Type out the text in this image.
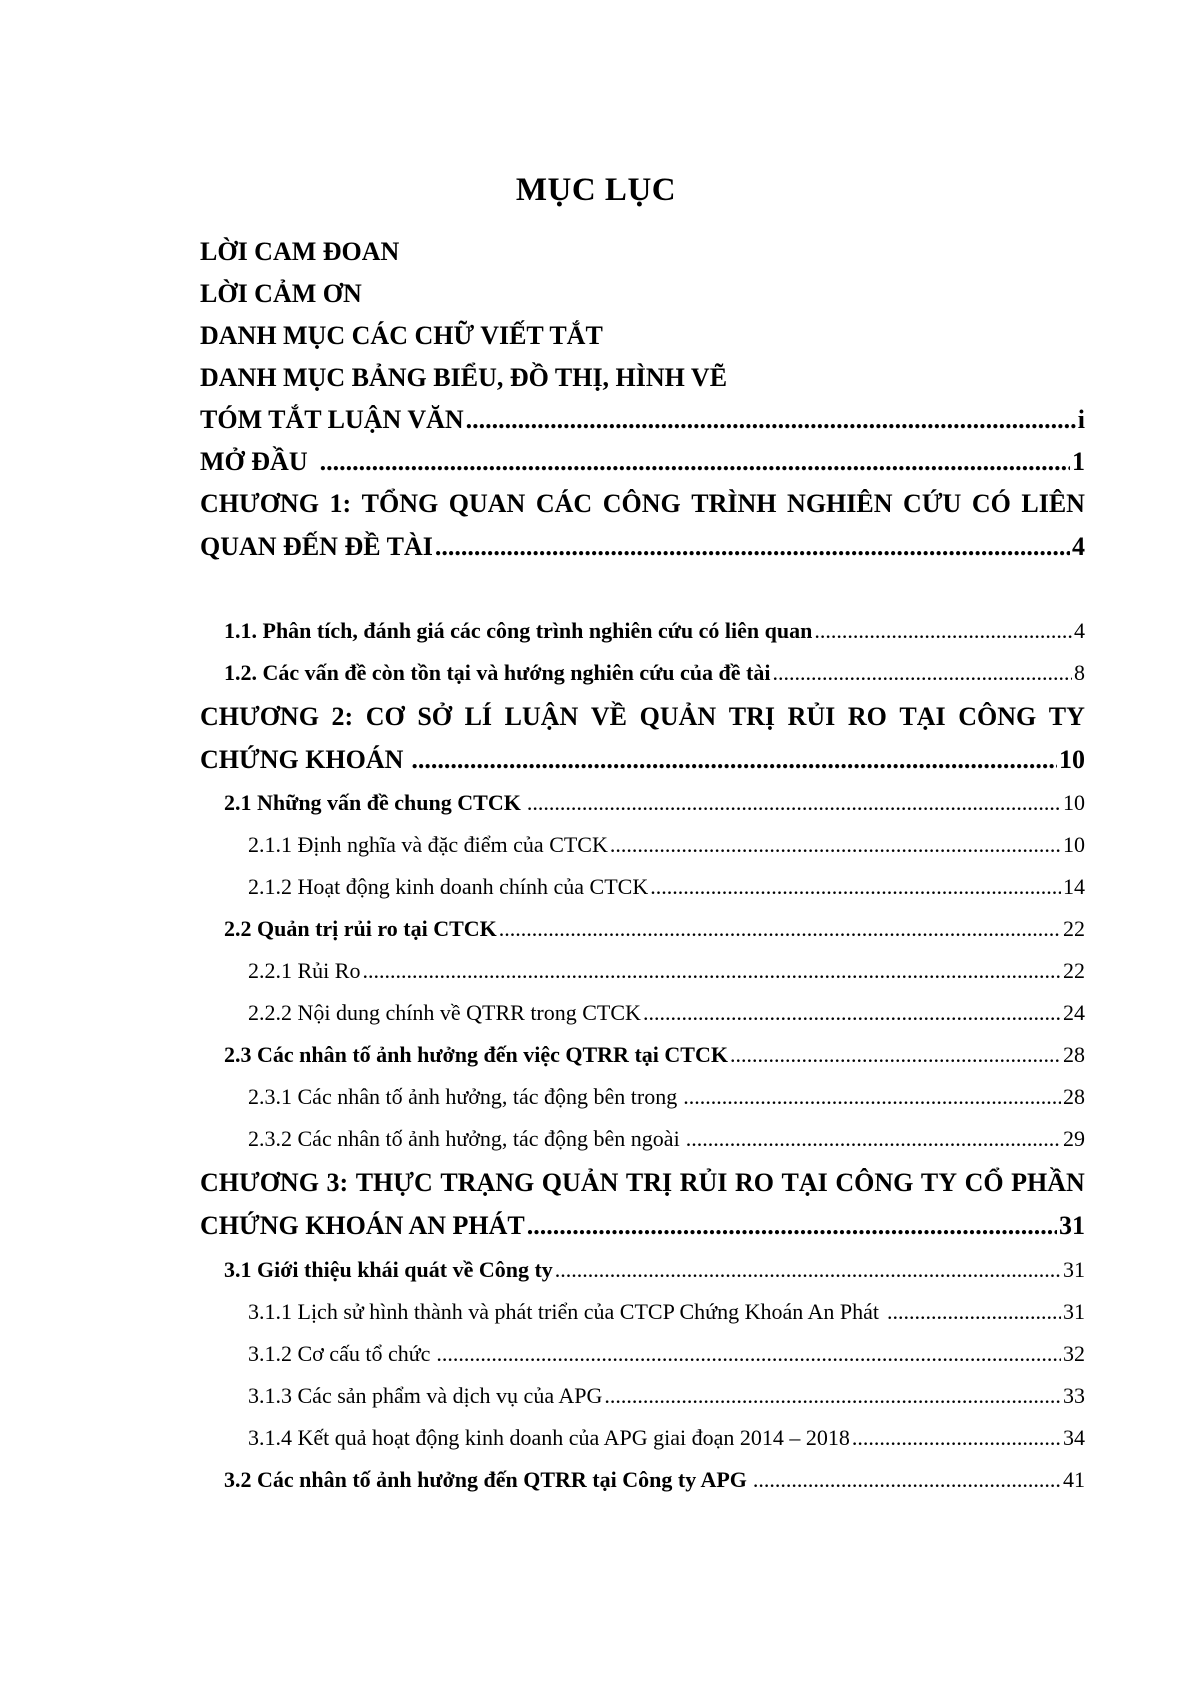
MỤC LỤC
LỜI CAM ĐOAN
LỜI CẢM ƠN
DANH MỤC CÁC CHỮ VIẾT TẮT
DANH MỤC BẢNG BIỂU, ĐỒ THỊ, HÌNH VẼ
TÓM TẮT LUẬN VĂN .....	i
MỞ ĐẦU .....	1
CHƯƠNG 1: TỔNG QUAN CÁC CÔNG TRÌNH NGHIÊN CỨU CÓ LIÊN
QUAN ĐẾN ĐỀ TÀI .....	4
1.1. Phân tích, đánh giá các công trình nghiên cứu có liên quan .....	4
1.2. Các vấn đề còn tồn tại và hướng nghiên cứu của đề tài .....	8
CHƯƠNG 2: CƠ SỞ LÍ LUẬN VỀ QUẢN TRỊ RỦI RO TẠI CÔNG TY
CHỨNG KHOÁN .....	10
2.1 Những vấn đề chung CTCK .....	10
2.1.1 Định nghĩa và đặc điểm của CTCK .....	10
2.1.2 Hoạt động kinh doanh chính của CTCK .....	14
2.2 Quản trị rủi ro tại CTCK .....	22
2.2.1 Rủi Ro .....	22
2.2.2 Nội dung chính về QTRR trong CTCK .....	24
2.3 Các nhân tố ảnh hưởng đến việc QTRR tại CTCK .....	28
2.3.1 Các nhân tố ảnh hưởng, tác động bên trong .....	28
2.3.2 Các nhân tố ảnh hưởng, tác động bên ngoài .....	29
CHƯƠNG 3: THỰC TRẠNG QUẢN TRỊ RỦI RO TẠI CÔNG TY CỔ PHẦN
CHỨNG KHOÁN AN PHÁT .....	31
3.1 Giới thiệu khái quát về Công ty .....	31
3.1.1 Lịch sử hình thành và phát triển của CTCP Chứng Khoán An Phát .....	31
3.1.2 Cơ cấu tổ chức .....	32
3.1.3 Các sản phẩm và dịch vụ của APG .....	33
3.1.4 Kết quả hoạt động kinh doanh của APG giai đoạn 2014 – 2018 .....	34
3.2 Các nhân tố ảnh hưởng đến QTRR tại Công ty APG .....	41
